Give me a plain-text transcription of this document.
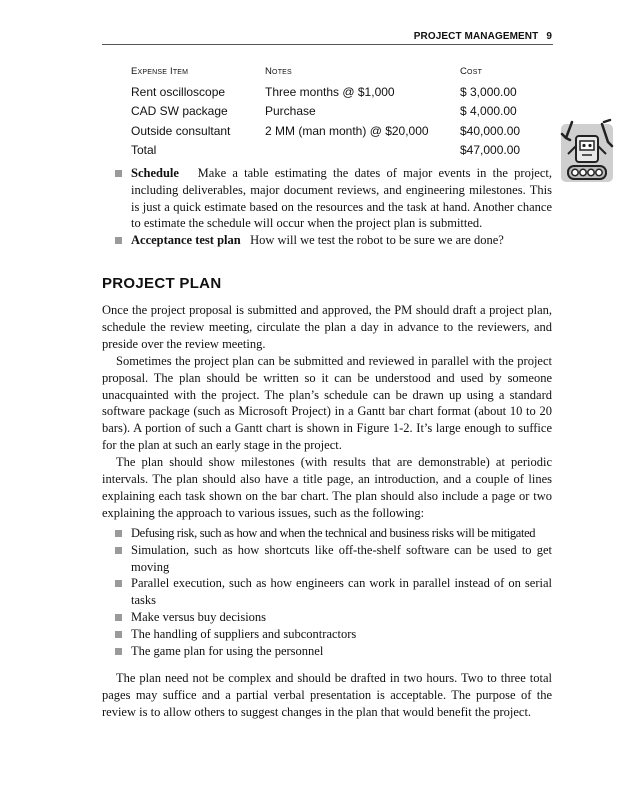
PROJECT MANAGEMENT 9
Expense Item	Notes	Cost
Rent oscilloscope	Three months @ $1,000	$ 3,000.00
CAD SW package	Purchase	$ 4,000.00
Outside consultant	2 MM (man month) @ $20,000	$40,000.00
Total		$47,000.00
Schedule Make a table estimating the dates of major events in the project, including deliverables, major document reviews, and engineering milestones. This is just a quick estimate based on the resources and the task at hand. Another chance to estimate the schedule will occur when the project plan is submitted.
Acceptance test plan How will we test the robot to be sure we are done?
PROJECT PLAN

Once the project proposal is submitted and approved, the PM should draft a project plan, schedule the review meeting, circulate the plan a day in advance to the reviewers, and preside over the review meeting.

Sometimes the project plan can be submitted and reviewed in parallel with the project proposal. The plan should be written so it can be understood and used by someone unacquainted with the project. The plan’s schedule can be drawn up using a standard software package (such as Microsoft Project) in a Gantt bar chart format (about 10 to 20 bars). A portion of such a Gantt chart is shown in Figure 1-2. It’s large enough to suffice for the plan at such an early stage in the project.

The plan should show milestones (with results that are demonstrable) at periodic intervals. The plan should also have a title page, an introduction, and a couple of lines explaining each task shown on the bar chart. The plan should also include a page or two explaining the approach to various issues, such as the following:

Defusing risk, such as how and when the technical and business risks will be mitigated
Simulation, such as how shortcuts like off-the-shelf software can be used to get moving
Parallel execution, such as how engineers can work in parallel instead of on serial tasks
Make versus buy decisions
The handling of suppliers and subcontractors
The game plan for using the personnel

The plan need not be complex and should be drafted in two hours. Two to three total pages may suffice and a partial verbal presentation is acceptable. The purpose of the review is to allow others to suggest changes in the plan that would benefit the project.
